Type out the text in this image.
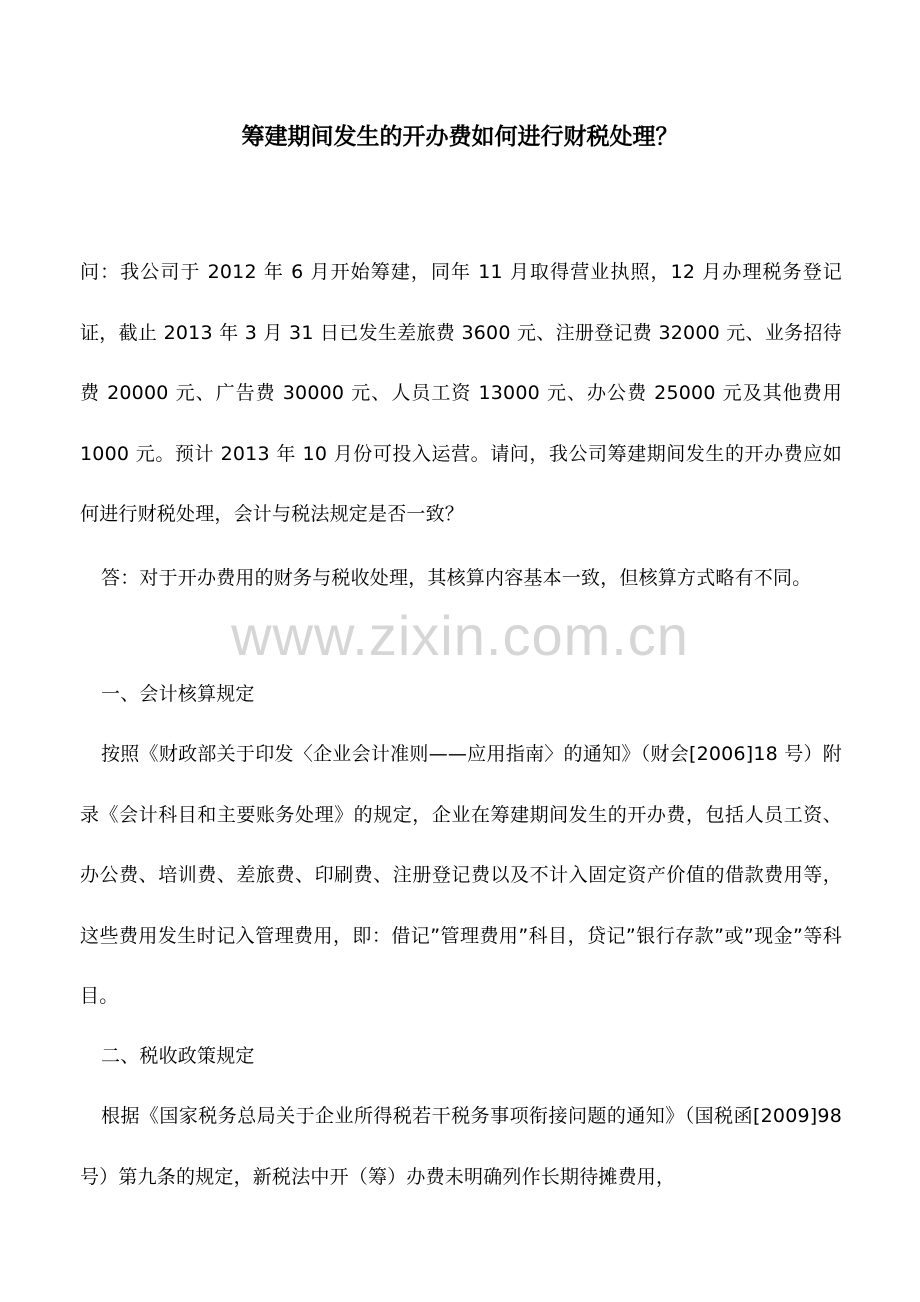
筹建期间发生的开办费如何进行财税处理？

问：我公司于 2012 年 6 月开始筹建，同年 11 月取得营业执照，12 月办理税务登记证，截止 2013 年 3 月 31 日已发生差旅费 3600 元、注册登记费 32000 元、业务招待费 20000 元、广告费 30000 元、人员工资 13000 元、办公费 25000 元及其他费用 1000 元。预计 2013 年 10 月份可投入运营。请问，我公司筹建期间发生的开办费应如何进行财税处理，会计与税法规定是否一致？

答：对于开办费用的财务与税收处理，其核算内容基本一致，但核算方式略有不同。

一、会计核算规定

按照《财政部关于印发〈企业会计准则——应用指南〉的通知》（财会[2006]18 号）附录《会计科目和主要账务处理》的规定，企业在筹建期间发生的开办费，包括人员工资、办公费、培训费、差旅费、印刷费、注册登记费以及不计入固定资产价值的借款费用等，这些费用发生时记入管理费用，即：借记”管理费用”科目，贷记”银行存款”或”现金”等科目。

二、税收政策规定

根据《国家税务总局关于企业所得税若干税务事项衔接问题的通知》（国税函[2009]98 号）第九条的规定，新税法中开（筹）办费未明确列作长期待摊费用，

www.zixin.com.cn
